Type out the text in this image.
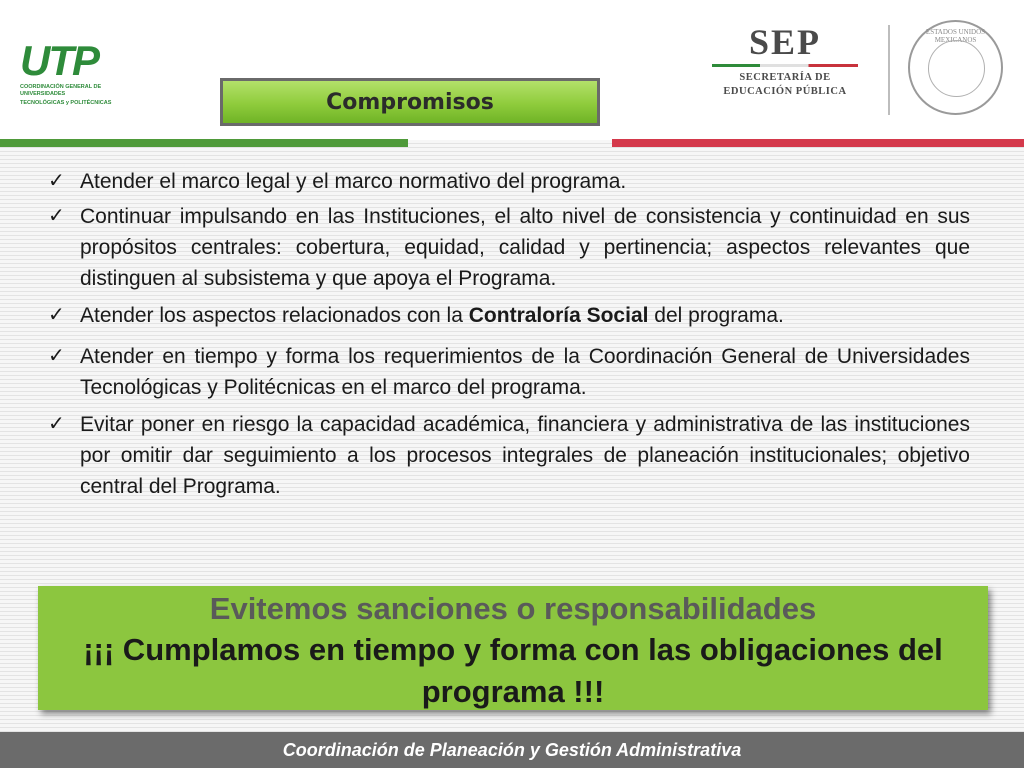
UTP
COORDINACIÓN GENERAL DE UNIVERSIDADES
TECNOLÓGICAS y POLITÉCNICAS	Compromisos
SEP
SECRETARÍA DE
EDUCACIÓN PÚBLICA
ESTADOS UNIDOS MEXICANOS
✓ Atender el marco legal y el marco normativo del programa.
✓ Continuar impulsando en las Instituciones, el alto nivel de consistencia y continuidad en sus propósitos centrales: cobertura, equidad, calidad y pertinencia; aspectos relevantes que distinguen al subsistema y que apoya el Programa.
✓ Atender los aspectos relacionados con la Contraloría Social del programa.
✓ Atender en tiempo y forma los requerimientos de la Coordinación General de Universidades Tecnológicas y Politécnicas en el marco del programa.
✓ Evitar poner en riesgo la capacidad académica, financiera y administrativa de las instituciones por omitir dar seguimiento a los procesos integrales de planeación institucionales; objetivo central del Programa.
Evitemos sanciones o responsabilidades
¡¡¡ Cumplamos en tiempo y forma con las obligaciones del programa !!!
Coordinación de Planeación y Gestión Administrativa
